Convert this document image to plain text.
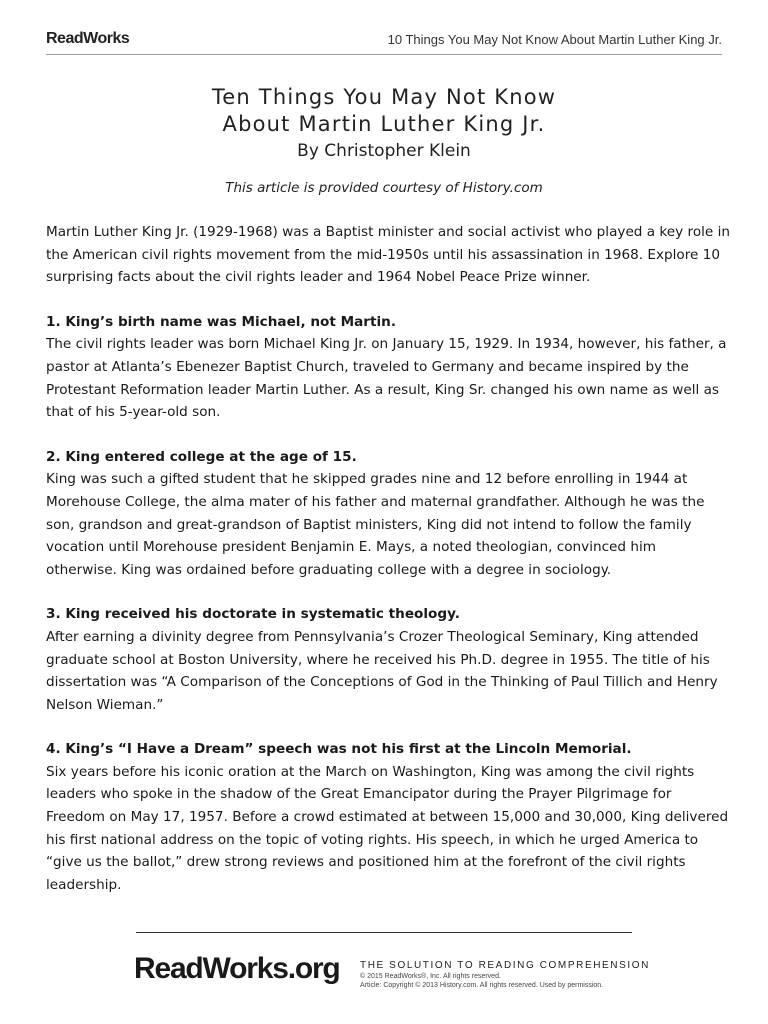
ReadWorks	10 Things You May Not Know About Martin Luther King Jr.
Ten Things You May Not Know
About Martin Luther King Jr.
By Christopher Klein
This article is provided courtesy of History.com

Martin Luther King Jr. (1929-1968) was a Baptist minister and social activist who played a key role in the American civil rights movement from the mid-1950s until his assassination in 1968. Explore 10 surprising facts about the civil rights leader and 1964 Nobel Peace Prize winner.

1. King’s birth name was Michael, not Martin.
The civil rights leader was born Michael King Jr. on January 15, 1929. In 1934, however, his father, a pastor at Atlanta’s Ebenezer Baptist Church, traveled to Germany and became inspired by the Protestant Reformation leader Martin Luther. As a result, King Sr. changed his own name as well as that of his 5-year-old son.
2. King entered college at the age of 15.
King was such a gifted student that he skipped grades nine and 12 before enrolling in 1944 at Morehouse College, the alma mater of his father and maternal grandfather. Although he was the son, grandson and great-grandson of Baptist ministers, King did not intend to follow the family vocation until Morehouse president Benjamin E. Mays, a noted theologian, convinced him otherwise. King was ordained before graduating college with a degree in sociology.
3. King received his doctorate in systematic theology.
After earning a divinity degree from Pennsylvania’s Crozer Theological Seminary, King attended graduate school at Boston University, where he received his Ph.D. degree in 1955. The title of his dissertation was “A Comparison of the Conceptions of God in the Thinking of Paul Tillich and Henry Nelson Wieman.”
4. King’s “I Have a Dream” speech was not his first at the Lincoln Memorial.
Six years before his iconic oration at the March on Washington, King was among the civil rights leaders who spoke in the shadow of the Great Emancipator during the Prayer Pilgrimage for Freedom on May 17, 1957. Before a crowd estimated at between 15,000 and 30,000, King delivered his first national address on the topic of voting rights. His speech, in which he urged America to “give us the ballot,” drew strong reviews and positioned him at the forefront of the civil rights leadership.
ReadWorks.org THE SOLUTION TO READING COMPREHENSION
© 2015 ReadWorks®, Inc. All rights reserved.
Article: Copyright © 2013 History.com. All rights reserved. Used by permission.
